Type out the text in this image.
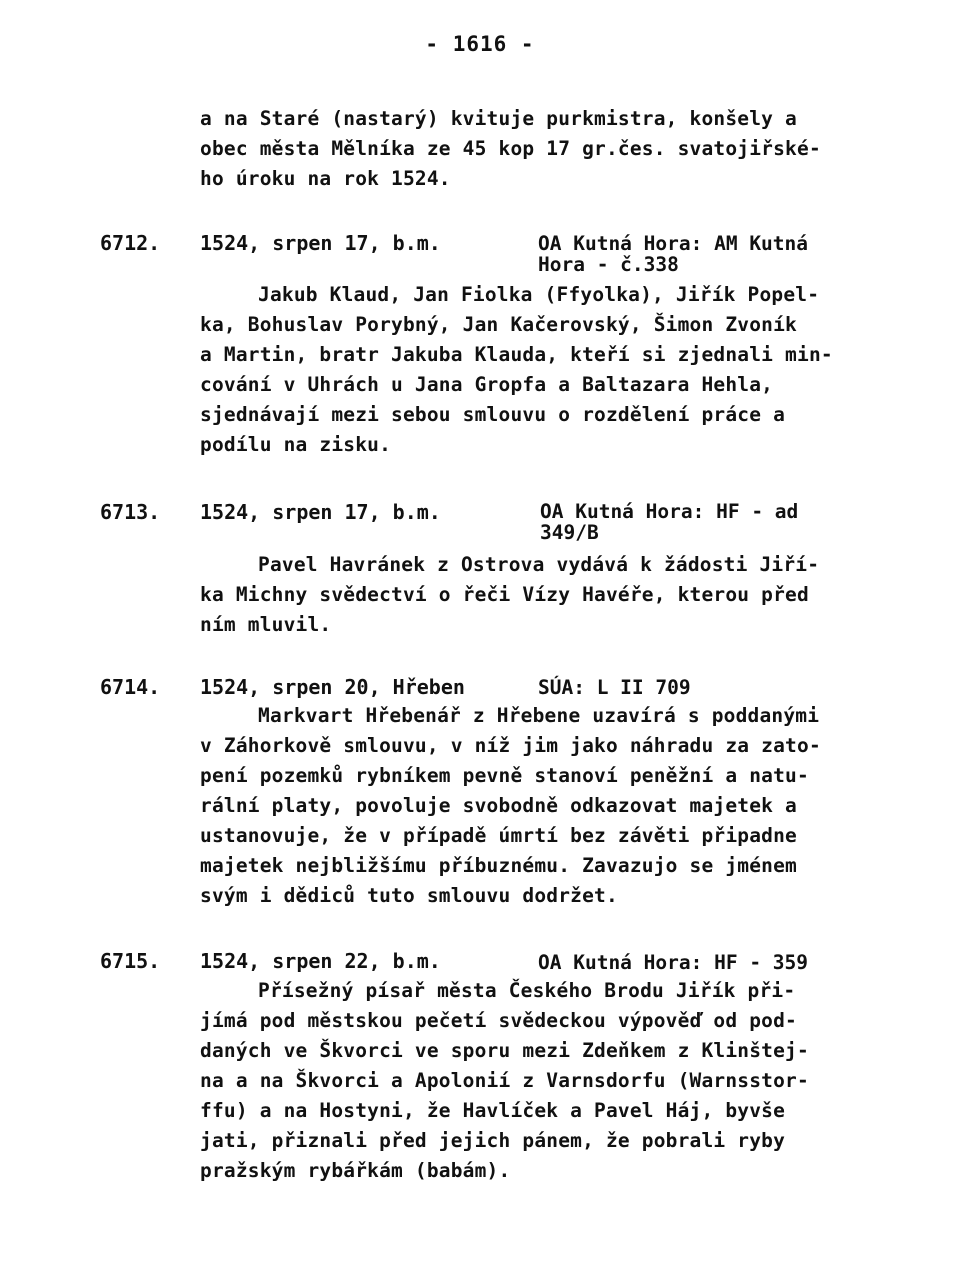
- 1616 -
a na Staré (nastarý) kvituje purkmistra, konšely a
obec města Mělníka ze 45 kop 17 gr.čes. svatojiřské-
ho úroku na rok 1524.
6712. 1524, srpen 17, b.m.	OA Kutná Hora: AM Kutná
Hora - č.338
Jakub Klaud, Jan Fiolka (Ffyolka), Jiřík Popel-
ka, Bohuslav Porybný, Jan Kačerovský, Šimon Zvoník
a Martin, bratr Jakuba Klauda, kteří si zjednali min-
cování v Uhrách u Jana Gropfa a Baltazara Hehla,
sjednávají mezi sebou smlouvu o rozdělení práce a
podílu na zisku.
6713. 1524, srpen 17, b.m.	OA Kutná Hora: HF - ad
349/B
Pavel Havránek z Ostrova vydává k žádosti Jiří-
ka Michny svědectví o řeči Vízy Havéře, kterou před
ním mluvil.
6714. 1524, srpen 20, Hřeben	SÚA: L II 709
Markvart Hřebenář z Hřebene uzavírá s poddanými
v Záhorkově smlouvu, v níž jim jako náhradu za zato-
pení pozemků rybníkem pevně stanoví peněžní a natu-
rální platy, povoluje svobodně odkazovat majetek a
ustanovuje, že v případě úmrtí bez závěti připadne
majetek nejbližšímu příbuznému. Zavazujo se jménem
svým i dědiců tuto smlouvu dodržet.
6715. 1524, srpen 22, b.m.	OA Kutná Hora: HF - 359
Přísežný písař města Českého Brodu Jiřík při-
jímá pod městskou pečetí svědeckou výpověď od pod-
daných ve Škvorci ve sporu mezi Zdeňkem z Klinštej-
na a na Škvorci a Apolonií z Varnsdorfu (Warnsstor-
ffu) a na Hostyni, že Havlíček a Pavel Háj, byvše
jati, přiznali před jejich pánem, že pobrali ryby
pražským rybářkám (babám).
